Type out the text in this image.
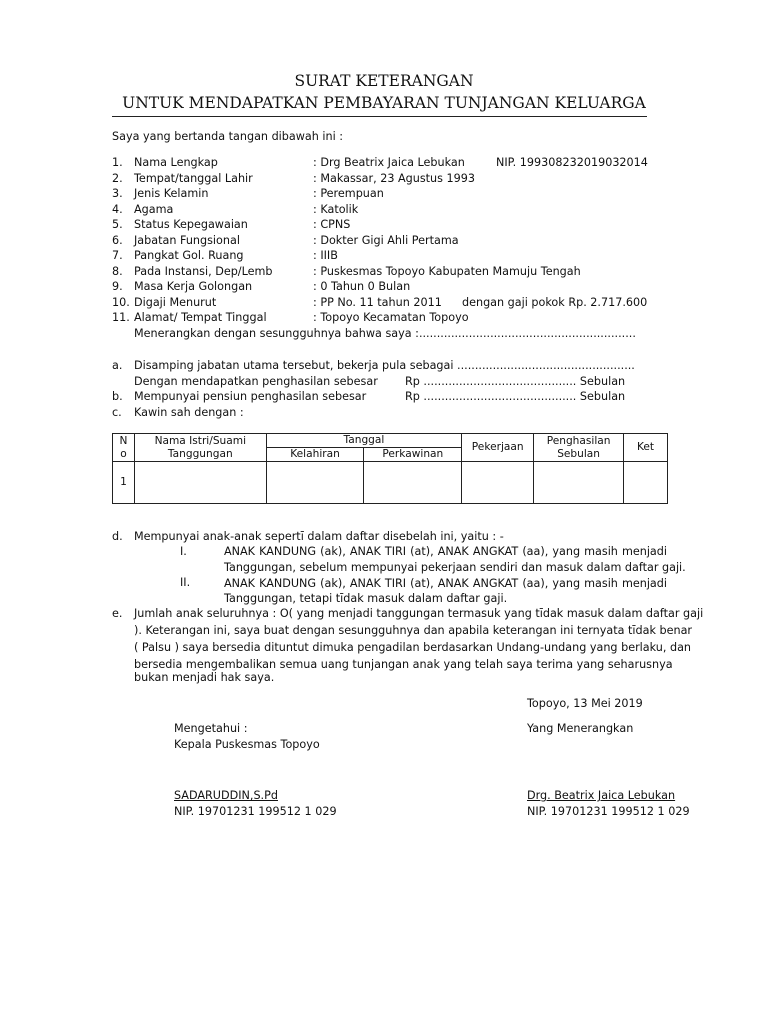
SURAT KETERANGAN
UNTUK MENDAPATKAN PEMBAYARAN TUNJANGAN KELUARGA
Saya yang bertanda tangan dibawah ini :
1. Nama Lengkap	: Drg Beatrix Jaica Lebukan	NIP. 199308232019032014
2. Tempat/tanggal Lahir	: Makassar, 23 Agustus 1993
3. Jenis Kelamin	: Perempuan
4. Agama	: Katolik
5. Status Kepegawaian	: CPNS
6. Jabatan Fungsional	: Dokter Gigi Ahli Pertama
7. Pangkat Gol. Ruang	: IIIB
8. Pada Instansi, Dep/Lemb	: Puskesmas Topoyo Kabupaten Mamuju Tengah
9. Masa Kerja Golongan	: 0 Tahun 0 Bulan
10. Digaji Menurut	: PP No. 11 tahun 2011 dengan gaji pokok Rp. 2.717.600
11. Alamat/ Tempat Tinggal	: Topoyo Kecamatan Topoyo
Menerangkan dengan sesungguhnya bahwa saya :.............................................................
a. Disamping jabatan utama tersebut, bekerja pula sebagai ..................................................
Dengan mendapatkan penghasilan sebesar Rp ........................................... Sebulan
b. Mempunyai pensiun penghasilan sebesar	Rp ........................................... Sebulan
c. Kawin sah dengan :
N o	Nama Istri/Suami Tanggungan	Tanggal		Pekerjaan	Penghasilan Sebulan	Ket
		Kelahiran	Perkawinan			
1						
d. Mempunyai anak-anak sepertī dalam daftar disebelah ini, yaitu : -
I.	ANAK KANDUNG (ak), ANAK TIRI (at), ANAK ANGKAT (aa), yang masih menjadi
Tanggungan, sebelum mempunyai pekerjaan sendiri dan masuk dalam daftar gaji.
II.	ANAK KANDUNG (ak), ANAK TIRI (at), ANAK ANGKAT (aa), yang masih menjadi
Tanggungan, tetapi tīdak masuk dalam daftar gaji.
e. Jumlah anak seluruhnya : O( yang menjadi tanggungan termasuk yang tīdak masuk dalam daftar gaji
). Keterangan ini, saya buat dengan sesungguhnya dan apabila keterangan ini ternyata tīdak benar
( Palsu ) saya bersedia dituntut dimuka pengadilan berdasarkan Undang-undang yang berlaku, dan
bersedia mengembalikan semua uang tunjangan anak yang telah saya terima yang seharusnya
bukan menjadi hak saya.
Topoyo, 13 Mei 2019
Mengetahui :
Kepala Puskesmas Topoyo
SADARUDDIN,S.Pd
NIP. 19701231 199512 1 029
Yang Menerangkan
Drg. Beatrix Jaica Lebukan
NIP. 19701231 199512 1 029
